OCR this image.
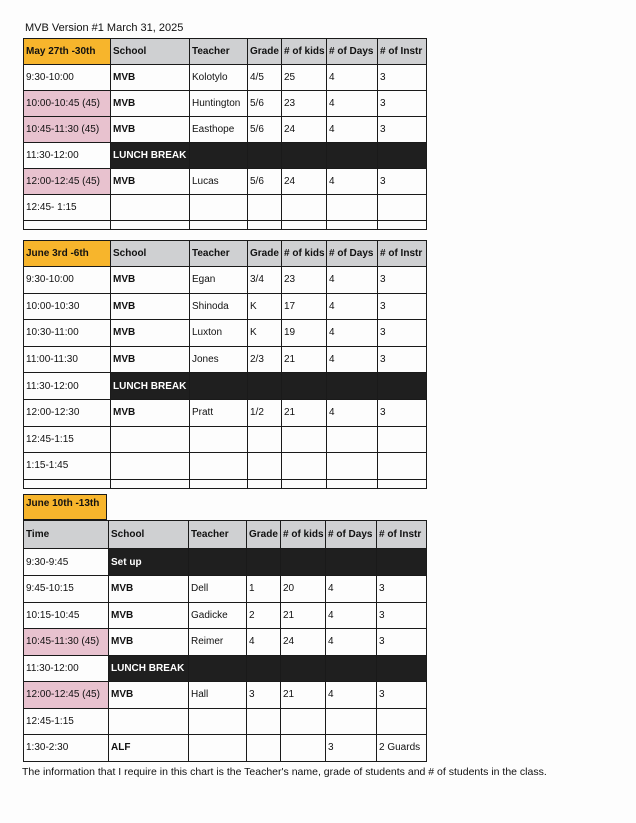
MVB Version #1 March 31, 2025
May 27th -30th	School	Teacher	Grade	# of kids	# of Days	# of Instr
9:30-10:00	MVB	Kolotylo	4/5	25	4	3
10:00-10:45 (45)	MVB	Huntington	5/6	23	4	3
10:45-11:30 (45)	MVB	Easthope	5/6	24	4	3
11:30-12:00	LUNCH BREAK					
12:00-12:45 (45)	MVB	Lucas	5/6	24	4	3
12:45- 1:15						

June 3rd -6th	School	Teacher	Grade	# of kids	# of Days	# of Instr
9:30-10:00	MVB	Egan	3/4	23	4	3
10:00-10:30	MVB	Shinoda	K	17	4	3
10:30-11:00	MVB	Luxton	K	19	4	3
11:00-11:30	MVB	Jones	2/3	21	4	3
11:30-12:00	LUNCH BREAK					
12:00-12:30	MVB	Pratt	1/2	21	4	3
12:45-1:15						
1:15-1:45						

June 10th -13th
Time	School	Teacher	Grade	# of kids	# of Days	# of Instr
9:30-9:45	Set up					
9:45-10:15	MVB	Dell	1	20	4	3
10:15-10:45	MVB	Gadicke	2	21	4	3
10:45-11:30 (45)	MVB	Reimer	4	24	4	3
11:30-12:00	LUNCH BREAK					
12:00-12:45 (45)	MVB	Hall	3	21	4	3
12:45-1:15						
1:30-2:30	ALF				3	2 Guards
The information that I require in this chart is the Teacher's name, grade of students and # of students in the class.
